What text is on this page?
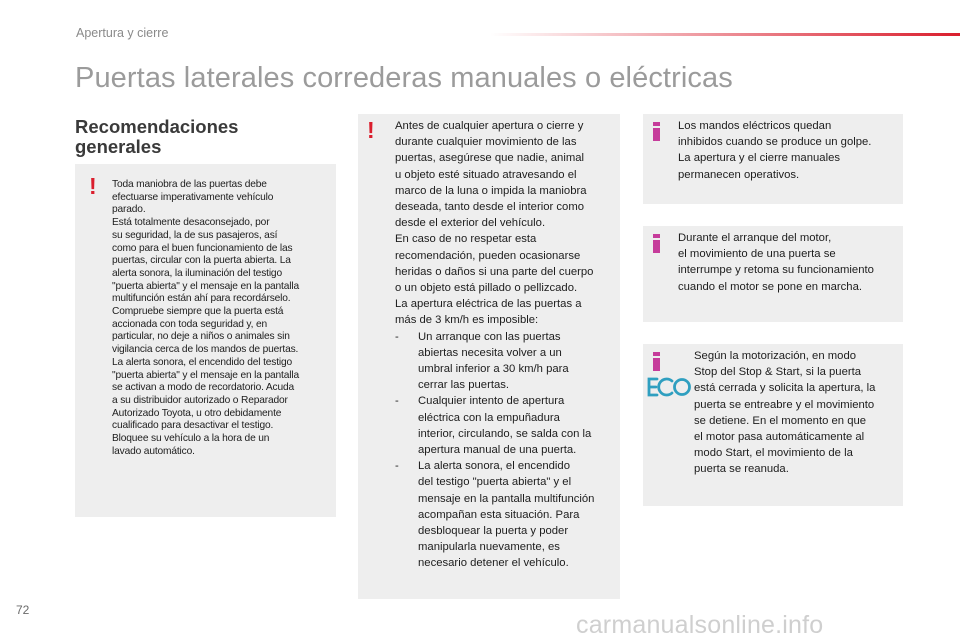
Apertura y cierre
Puertas laterales correderas manuales o eléctricas
Recomendaciones generales
! Toda maniobra de las puertas debe

efectuarse imperativamente vehículo

parado.

Está totalmente desaconsejado, por

su seguridad, la de sus pasajeros, así

como para el buen funcionamiento de las

puertas, circular con la puerta abierta. La

alerta sonora, la iluminación del testigo

"puerta abierta" y el mensaje en la pantalla

multifunción están ahí para recordárselo.

Compruebe siempre que la puerta está

accionada con toda seguridad y, en

particular, no deje a niños o animales sin

vigilancia cerca de los mandos de puertas.

La alerta sonora, el encendido del testigo

"puerta abierta" y el mensaje en la pantalla

se activan a modo de recordatorio. Acuda

a su distribuidor autorizado o Reparador

Autorizado Toyota, u otro debidamente

cualificado para desactivar el testigo.

Bloquee su vehículo a la hora de un

lavado automático.

! Antes de cualquier apertura o cierre y

durante cualquier movimiento de las

puertas, asegúrese que nadie, animal

u objeto esté situado atravesando el

marco de la luna o impida la maniobra

deseada, tanto desde el interior como

desde el exterior del vehículo.

En caso de no respetar esta

recomendación, pueden ocasionarse

heridas o daños si una parte del cuerpo

o un objeto está pillado o pellizcado.

La apertura eléctrica de las puertas a

más de 3 km/h es imposible:

- Un arranque con las puertas
abiertas necesita volver a un
umbral inferior a 30 km/h para
cerrar las puertas.
- Cualquier intento de apertura
eléctrica con la empuñadura
interior, circulando, se salda con la
apertura manual de una puerta.
- La alerta sonora, el encendido
del testigo "puerta abierta" y el
mensaje en la pantalla multifunción
acompañan esta situación. Para
desbloquear la puerta y poder
manipularla nuevamente, es
necesario detener el vehículo.

Los mandos eléctricos quedan

inhibidos cuando se produce un golpe.

La apertura y el cierre manuales

permanecen operativos.

Durante el arranque del motor,

el movimiento de una puerta se

interrumpe y retoma su funcionamiento

cuando el motor se pone en marcha.

Según la motorización, en modo

Stop del Stop & Start, si la puerta

está cerrada y solicita la apertura, la

puerta se entreabre y el movimiento

se detiene. En el momento en que

el motor pasa automáticamente al

modo Start, el movimiento de la

puerta se reanuda.

72
carmanualsonline.info
